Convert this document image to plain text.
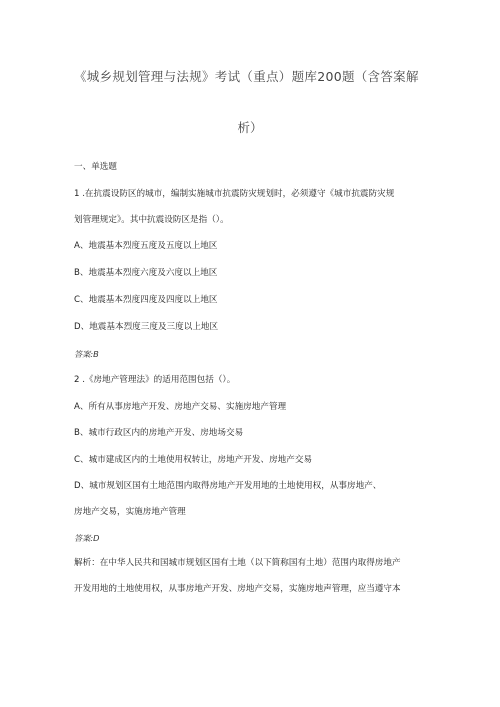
《城乡规划管理与法规》考试（重点）题库200题（含答案解
析）
一、单选题
1 .在抗震设防区的城市，编制实施城市抗震防灾规划时，必须遵守《城市抗震防灾规
划管理规定》。其中抗震设防区是指（）。
A、地震基本烈度五度及五度以上地区
B、地震基本烈度六度及六度以上地区
C、地震基本烈度四度及四度以上地区
D、地震基本烈度三度及三度以上地区
答案:B
2 .《房地产管理法》的适用范围包括（）。
A、所有从事房地产开发、房地产交易、实施房地产管理
B、城市行政区内的房地产开发、房地场交易
C、城市建成区内的土地使用权转让，房地产开发、房地产交易
D、城市规划区国有土地范围内取得房地产开发用地的土地使用权，从事房地产、
房地产交易，实施房地产管理
答案:D
解析：在中华人民共和国城市规划区国有土地（以下简称国有土地）范围内取得房地产
开发用地的土地使用权，从事房地产开发、房地产交易，实施房地声管理，应当遵守本
